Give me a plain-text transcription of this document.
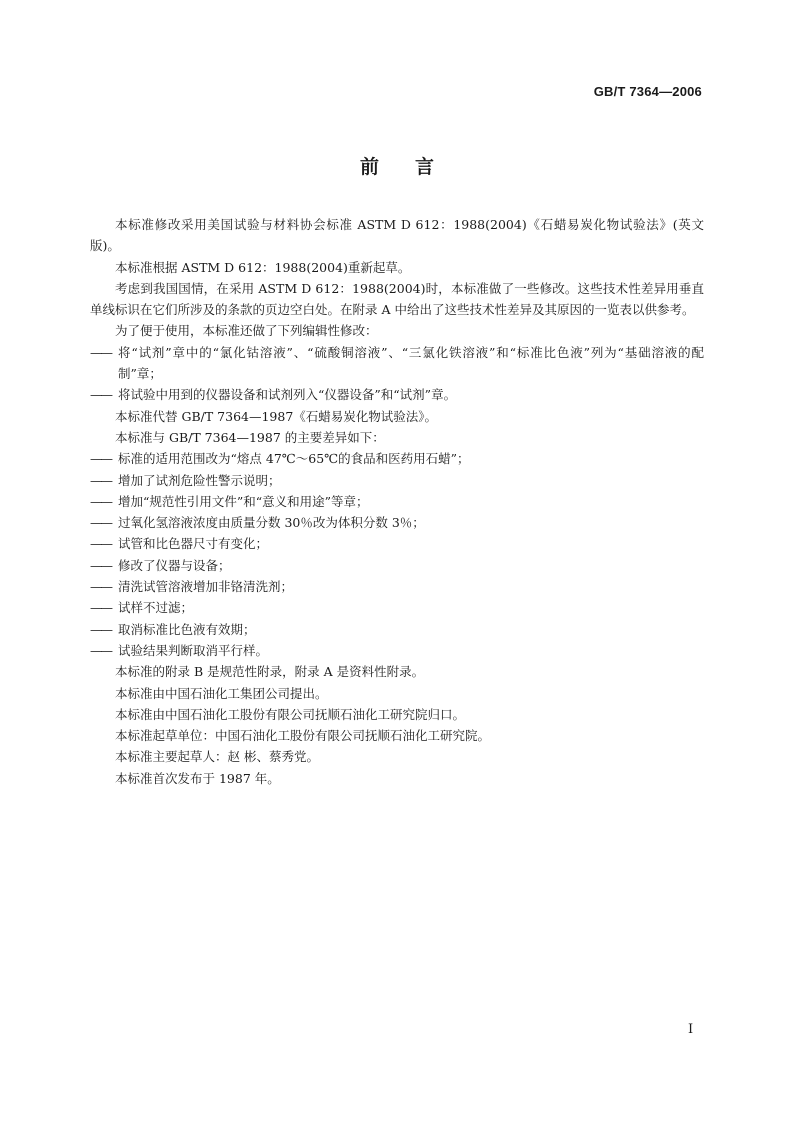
GB/T 7364—2006
前言

本标准修改采用美国试验与材料协会标准 ASTM D 612：1988(2004)《石蜡易炭化物试验法》(英文版)。

本标准根据 ASTM D 612：1988(2004)重新起草。

考虑到我国国情，在采用 ASTM D 612：1988(2004)时，本标准做了一些修改。这些技术性差异用垂直单线标识在它们所涉及的条款的页边空白处。在附录 A 中给出了这些技术性差异及其原因的一览表以供参考。

为了便于使用，本标准还做了下列编辑性修改：

—— 将“试剂”章中的“氯化钴溶液”、“硫酸铜溶液”、“三氯化铁溶液”和“标准比色液”列为“基础溶液的配制”章；
—— 将试验中用到的仪器设备和试剂列入“仪器设备”和“试剂”章。

本标准代替 GB/T 7364—1987《石蜡易炭化物试验法》。

本标准与 GB/T 7364—1987 的主要差异如下：

—— 标准的适用范围改为“熔点 47℃～65℃的食品和医药用石蜡”；
—— 增加了试剂危险性警示说明；
—— 增加“规范性引用文件”和“意义和用途”等章；
—— 过氧化氢溶液浓度由质量分数 30％改为体积分数 3％；
—— 试管和比色器尺寸有变化；
—— 修改了仪器与设备；
—— 清洗试管溶液增加非铬清洗剂；
—— 试样不过滤；
—— 取消标准比色液有效期；
—— 试验结果判断取消平行样。

本标准的附录 B 是规范性附录，附录 A 是资料性附录。

本标准由中国石油化工集团公司提出。

本标准由中国石油化工股份有限公司抚顺石油化工研究院归口。

本标准起草单位：中国石油化工股份有限公司抚顺石油化工研究院。

本标准主要起草人：赵 彬、蔡秀党。

本标准首次发布于 1987 年。

I
